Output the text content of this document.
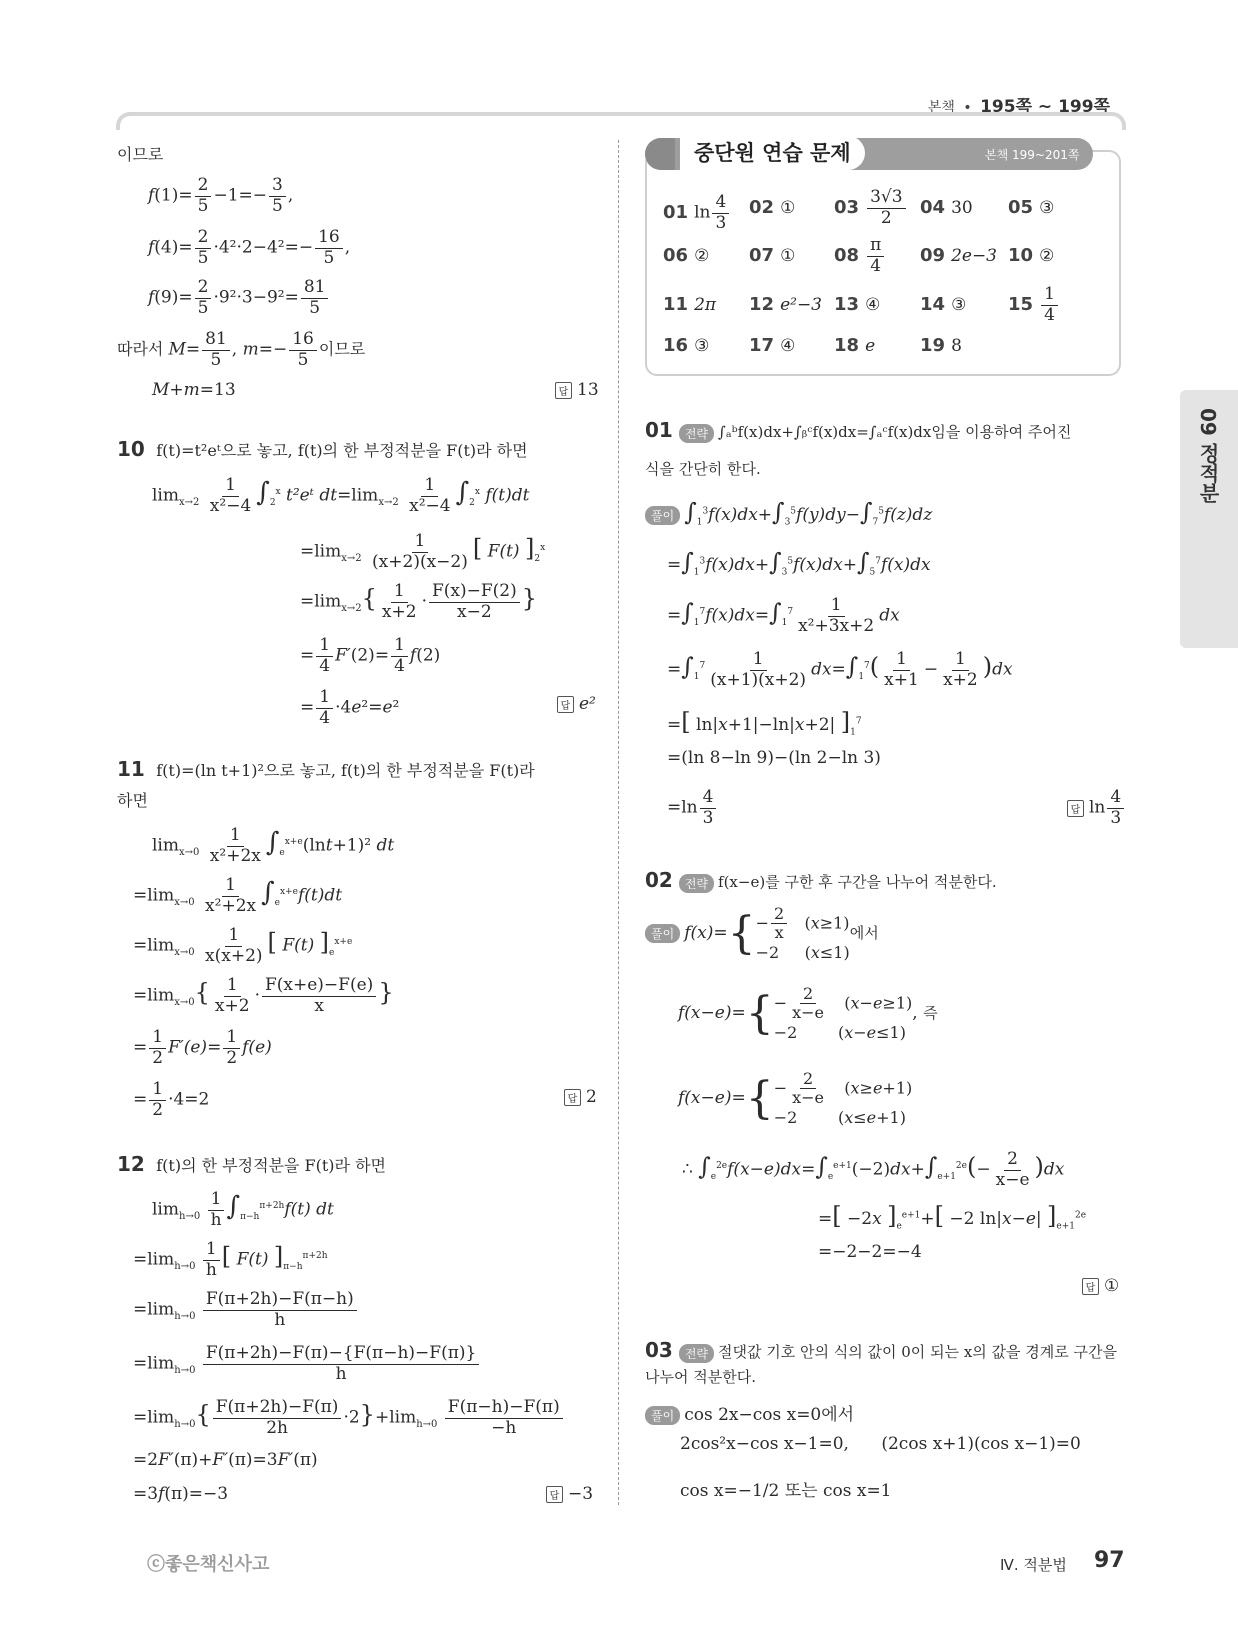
본책 • 195쪽 ~ 199쪽
09 정적분
이므로
$f(1)= \frac{2}{5} -1=- \frac{3}{5}$ ,
$f(4)= \frac{2}{5} \cdot 4^2\cdot 2-4^2=- \frac{16}{5}$ ,
$f(9)= \frac{2}{5} \cdot 9^2\cdot 3-9^2= \frac{81}{5}$
따라서 $M= \frac{81}{5}$ , $m=- \frac{16}{5}$ 이므로
M+m=13	답 13
10 f(t)=t²eᵗ으로 놓고, f(t)의 한 부정적분을 F(t)라 하면
$\lim_{x\to 2} \frac{1}{\text{x²−4}} \int_2^x$ t²eᵗ $dt=\lim_{x\to 2} \frac{1}{\text{x²−4}} \int_2^x$ f(t)dt
$=\lim_{x\to 2} \frac{1}{(x+2)(x-2)}$ [ F(t) ]$_2^x$
$=\lim_{x\to 2}\{ \frac{1}{x+2} \cdot \frac{F(x)-F(2)}{x-2}$ }
= $\frac{1}{4} F'(2)= \frac{1}{4} f(2)$
= $\frac{1}{4} \cdot 4e^2=e^2$	답 e²
11 f(t)=(ln t+1)²으로 놓고, f(t)의 한 부정적분을 F(t)라
하면
$\lim_{x\to 0} \frac{1}{\text{x²+2x}} \int_e^{x+e}(\ln t+1)^2$ dt
$=\lim_{x\to 0} \frac{1}{\text{x²+2x}} \int_e^{x+e}f(t)dt$
$=\lim_{x\to 0} \frac{1}{x(x+2)}$ [ F(t) ]$_e^{x+e}$
$=\lim_{x\to 0}\{ \frac{1}{x+2} \cdot \frac{F(x+e)-F(e)}{x}$ }
= $\frac{1}{2} F'(e)= \frac{1}{2} f(e)$
= $\frac{1}{2} \cdot 4=2$	답 2
12 f(t)의 한 부정적분을 F(t)라 하면
$\lim_{h\to 0} \frac{1}{h} \int_{\pi-h}^{\pi+2h}f(t)$ dt
$=\lim_{h\to 0} \frac{1}{h}$ [ F(t) ]$_{\pi-h}^{\pi+2h}$
$=\lim_{h\to 0} \frac{F(\pi+2h)-F(\pi-h)}{h}$
$=\lim_{h\to 0} \frac{F(\pi+2h)-F(\pi)-\{F(\pi-h)-F(\pi)\}}{h}$
$=\lim_{h\to 0}\{ \frac{F(\pi+2h)-F(\pi)}{2h} \cdot 2\}+\lim_{h\to 0} \frac{F(\pi-h)-F(\pi)}{-h}$
=2F′(π)+F′(π)=3F′(π)
=3f(π)=−3	답 −3
중단원 연습 문제	본책 199~201쪽
01 $\ln \frac{4}{3} 02$ ① $03 \frac{3√3}{2} 04$ 30 05 ③
06 ② 07 ① $08 \frac{\pi}{4} 09$ 2e−3 10 ②
11 2π 12 e²−3 13 ④ 14 ③ $15 \frac{1}{4}$
16 ③ 17 ④ 18 e 19 8
01 전략 ∫ₐᵇf(x)dx+∫ᵦᶜf(x)dx=∫ₐᶜf(x)dx임을 이용하여 주어진
식을 간단히 한다.
풀이 $\int_1^3f(x)dx+\int_3^5f(y)dy-\int_7^5f(z)dz$
$=\int_1^3f(x)dx+\int_3^5f(x)dx+\int_5^7f(x)dx$
$=\int_1^7f(x)dx=\int_1^7 \frac{1}{\text{x²+3x+2}}$ dx
$=\int_1^7 \frac{1}{(x+1)(x+2)} dx=\int_1^7( \frac{1}{x+1} - \frac{1}{x+2} )dx$
=[ ln|x+1|−ln|x+2| ]$_1^7$
=(ln 8−ln 9)−(ln 2−ln 3)
$=\ln \frac{4}{3}$	답 $\ln \frac{4}{3}$
02 전략 f(x−e)를 구한 후 구간을 나누어 적분한다.
풀이 $f(x)=\{ - \frac{2}{x} (x\ge 1)$
−2     (x≤1)
에서
$f(x-e)=\{ - \frac{2}{x-e} (x-e\ge 1)$
−2        (x−e≤1)
, 즉
$f(x-e)=\{ - \frac{2}{x-e} (x\ge e+1)$
−2        (x≤e+1)
∴ $\int_e^{2e}f(x-e)dx=\int_e^{e+1}(-2)dx+\int_{e+1}^{2e}(- \frac{2}{x-e} )dx$
=[ −2x ]$_e^{e+1}+[ -2$ ln|x−e| ]$_{e+1}^{2e}$
=−2−2=−4
답 ①
03 전략 절댓값 기호 안의 식의 값이 0이 되는 x의 값을 경계로 구간을
나누어 적분한다.
풀이 cos 2x−cos x=0에서
2cos²x−cos x−1=0,      (2cos x+1)(cos x−1)=0
cos x=−1/2 또는 cos x=1
ⓒ좋은책신사고	Ⅳ. 적분법 97
